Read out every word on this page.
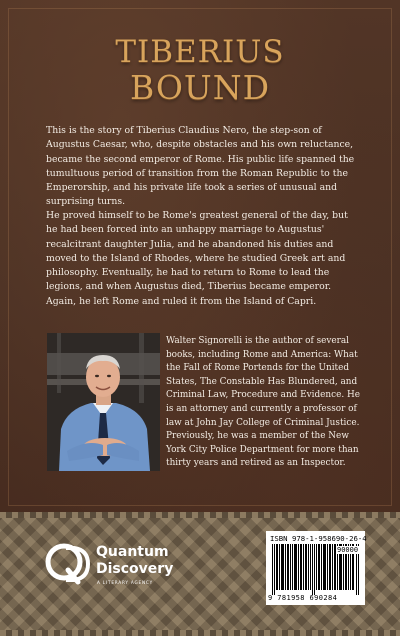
TIBERIUS
BOUND

This is the story of Tiberius Claudius Nero, the step-son of Augustus Caesar, who, despite obstacles and his own reluctance, became the second emperor of Rome. His public life spanned the tumultuous period of transition from the Roman Republic to the Emperorship, and his private life took a series of unusual and surprising turns.

He proved himself to be Rome's greatest general of the day, but he had been forced into an unhappy marriage to Augustus' recalcitrant daughter Julia, and he abandoned his duties and moved to the Island of Rhodes, where he studied Greek art and philosophy. Eventually, he had to return to Rome to lead the legions, and when Augustus died, Tiberius became emperor. Again, he left Rome and ruled it from the Island of Capri.

Walter Signorelli is the author of several books, including Rome and America: What the Fall of Rome Portends for the United States, The Constable Has Blundered, and Criminal Law, Procedure and Evidence. He is an attorney and currently a professor of law at John Jay College of Criminal Justice. Previously, he was a member of the New York City Police Department for more than thirty years and retired as an Inspector.

Quantum
Discovery
A LITERARY AGENCY
ISBN 978-1-958690-26-4
9 781958 690284
90000
